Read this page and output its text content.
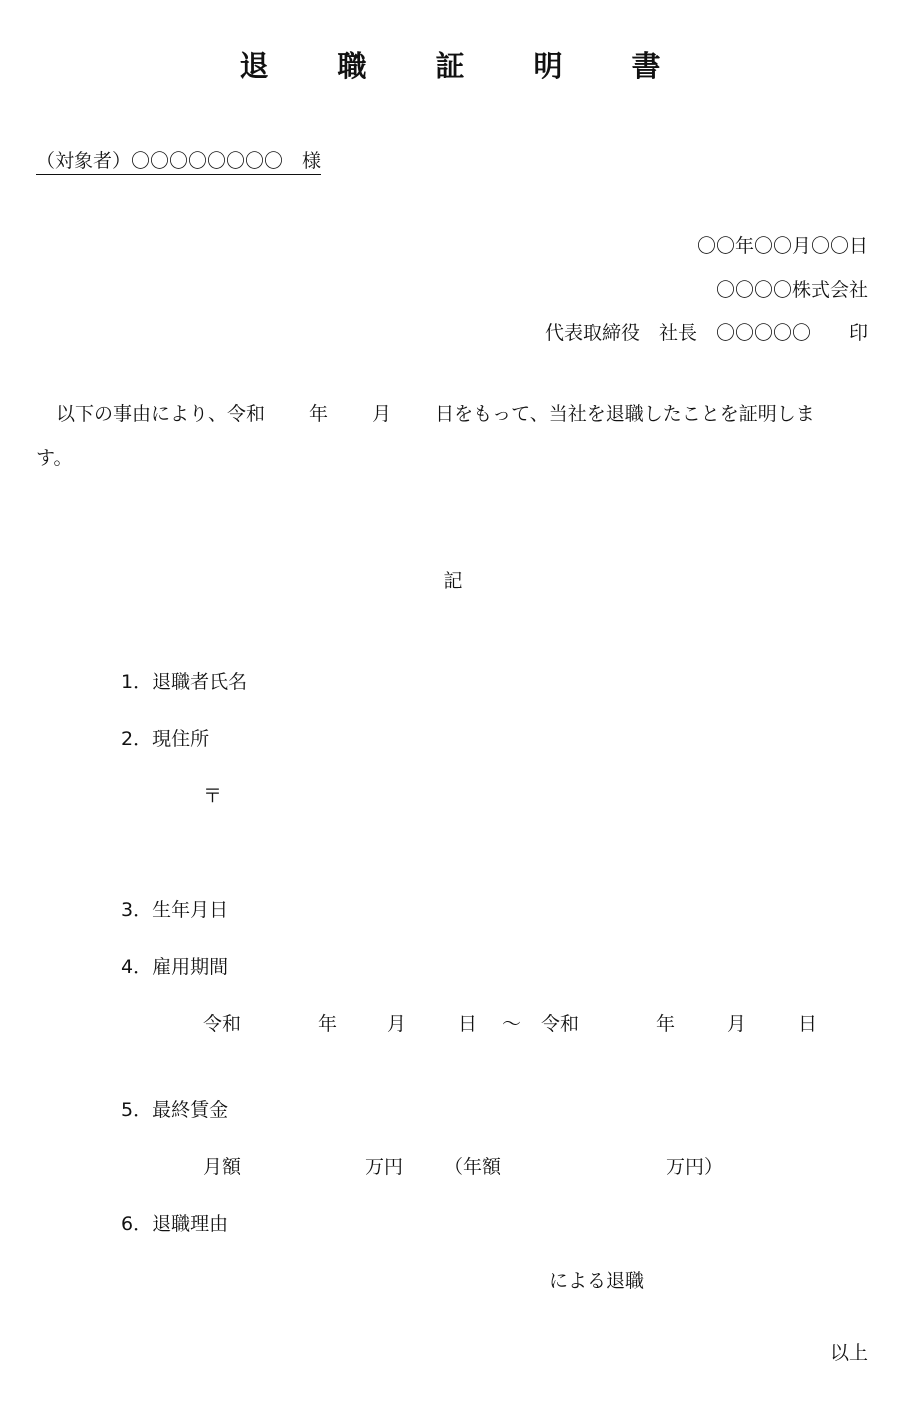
退　職　証　明　書
（対象者）〇〇〇〇〇〇〇〇　様
〇〇年〇〇月〇〇日
〇〇〇〇株式会社
代表取締役　社長　〇〇〇〇〇　　印
以下の事由により、令和　　 年　　 月　　 日をもって、当社を退職したことを証明しま
す。
記
1．退職者氏名
2．現住所
〒
3．生年月日
4．雇用期間
令和	年	月	日 ～ 令和	年	月	日
5．最終賃金
月額	万円 （年額	万円）
6．退職理由
による退職
以上
